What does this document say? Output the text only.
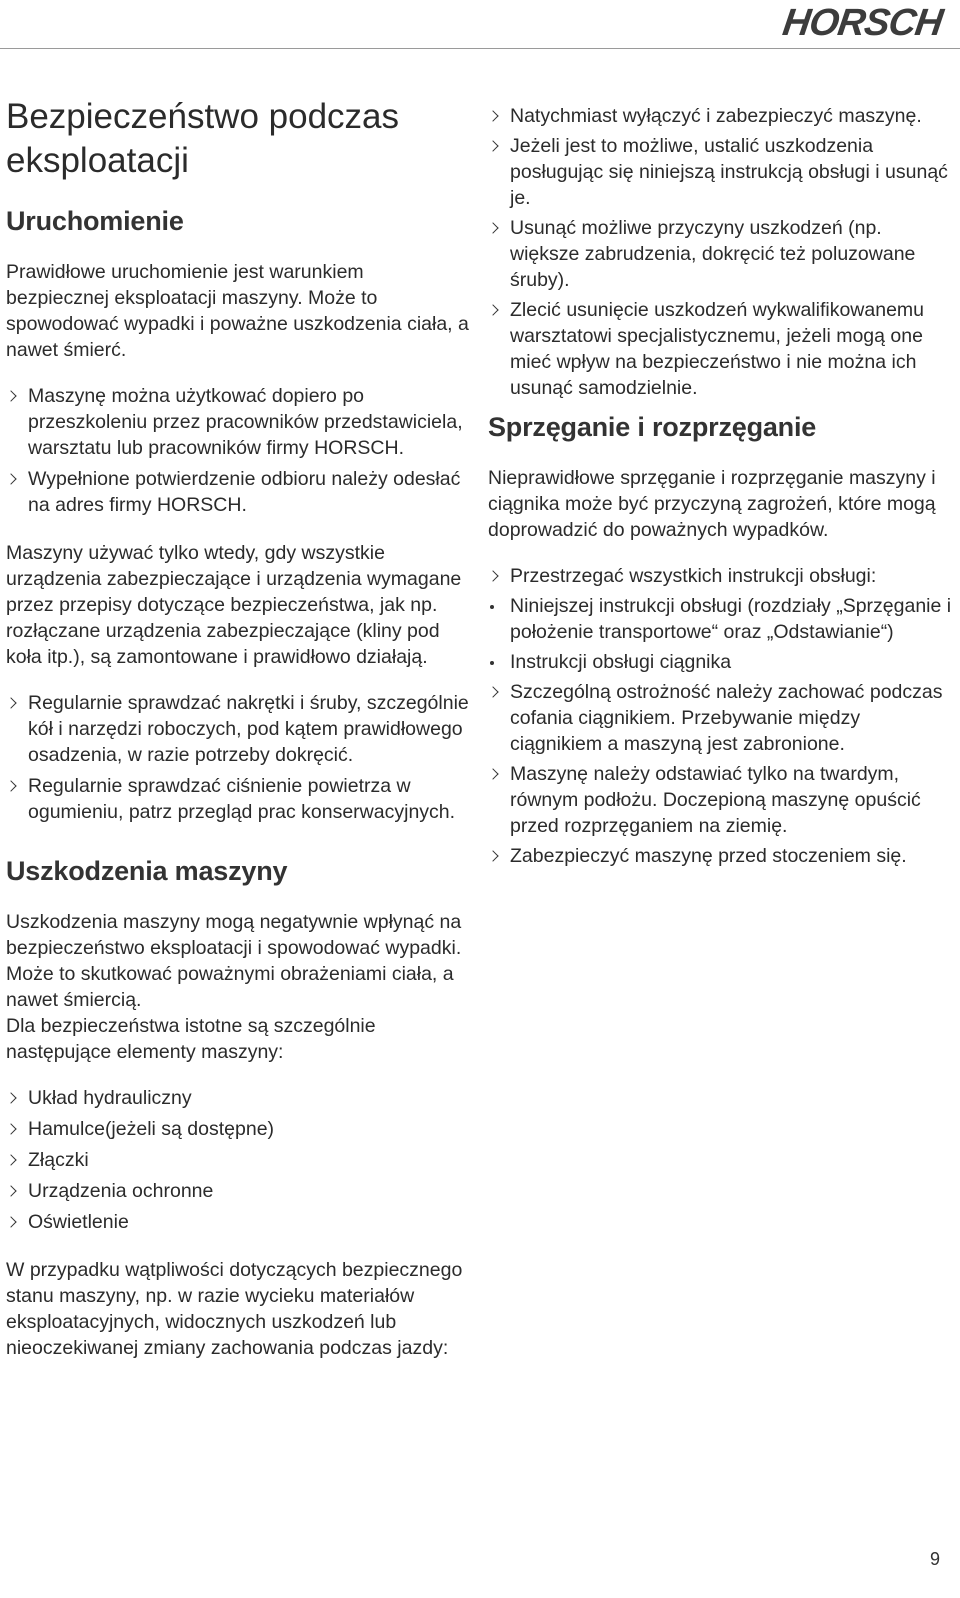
HORSCH
Bezpieczeństwo podczas eksploatacji
Uruchomienie

Prawidłowe uruchomienie jest warunkiem bezpiecznej eksploatacji maszyny. Może to spowodować wypadki i poważne uszkodzenia ciała, a nawet śmierć.

Maszynę można użytkować dopiero po przeszkoleniu przez pracowników przedstawiciela, warsztatu lub pracowników firmy HORSCH.
Wypełnione potwierdzenie odbioru należy odesłać na adres firmy HORSCH.

Maszyny używać tylko wtedy, gdy wszystkie urządzenia zabezpieczające i urządzenia wymagane przez przepisy dotyczące bezpieczeństwa, jak np. rozłączane urządzenia zabezpieczające (kliny pod koła itp.), są zamontowane i prawidłowo działają.

Regularnie sprawdzać nakrętki i śruby, szczególnie kół i narzędzi roboczych, pod kątem prawidłowego osadzenia, w razie potrzeby dokręcić.
Regularnie sprawdzać ciśnienie powietrza w ogumieniu, patrz przegląd prac konserwacyjnych.
Uszkodzenia maszyny

Uszkodzenia maszyny mogą negatywnie wpłynąć na bezpieczeństwo eksploatacji i spowodować wypadki. Może to skutkować poważnymi obrażeniami ciała, a nawet śmiercią.

Dla bezpieczeństwa istotne są szczególnie następujące elementy maszyny:

Układ hydrauliczny
Hamulce(jeżeli są dostępne)
Złączki
Urządzenia ochronne
Oświetlenie

W przypadku wątpliwości dotyczących bezpiecznego stanu maszyny, np. w razie wycieku materiałów eksploatacyjnych, widocznych uszkodzeń lub nieoczekiwanej zmiany zachowania podczas jazdy:

Natychmiast wyłączyć i zabezpieczyć maszynę.
Jeżeli jest to możliwe, ustalić uszkodzenia posługując się niniejszą instrukcją obsługi i usunąć je.
Usunąć możliwe przyczyny uszkodzeń (np. większe zabrudzenia, dokręcić też poluzowane śruby).
Zlecić usunięcie uszkodzeń wykwalifikowanemu warsztatowi specjalistycznemu, jeżeli mogą one mieć wpływ na bezpieczeństwo i nie można ich usunąć samodzielnie.
Sprzęganie i rozprzęganie

Nieprawidłowe sprzęganie i rozprzęganie maszyny i ciągnika może być przyczyną zagrożeń, które mogą doprowadzić do poważnych wypadków.

Przestrzegać wszystkich instrukcji obsługi:
Niniejszej instrukcji obsługi (rozdziały „Sprzęganie i położenie transportowe“ oraz „Odstawianie“)
Instrukcji obsługi ciągnika
Szczególną ostrożność należy zachować podczas cofania ciągnikiem. Przebywanie między ciągnikiem a maszyną jest zabronione.
Maszynę należy odstawiać tylko na twardym, równym podłożu. Doczepioną maszynę opuścić przed rozprzęganiem na ziemię.
Zabezpieczyć maszynę przed stoczeniem się.
9
